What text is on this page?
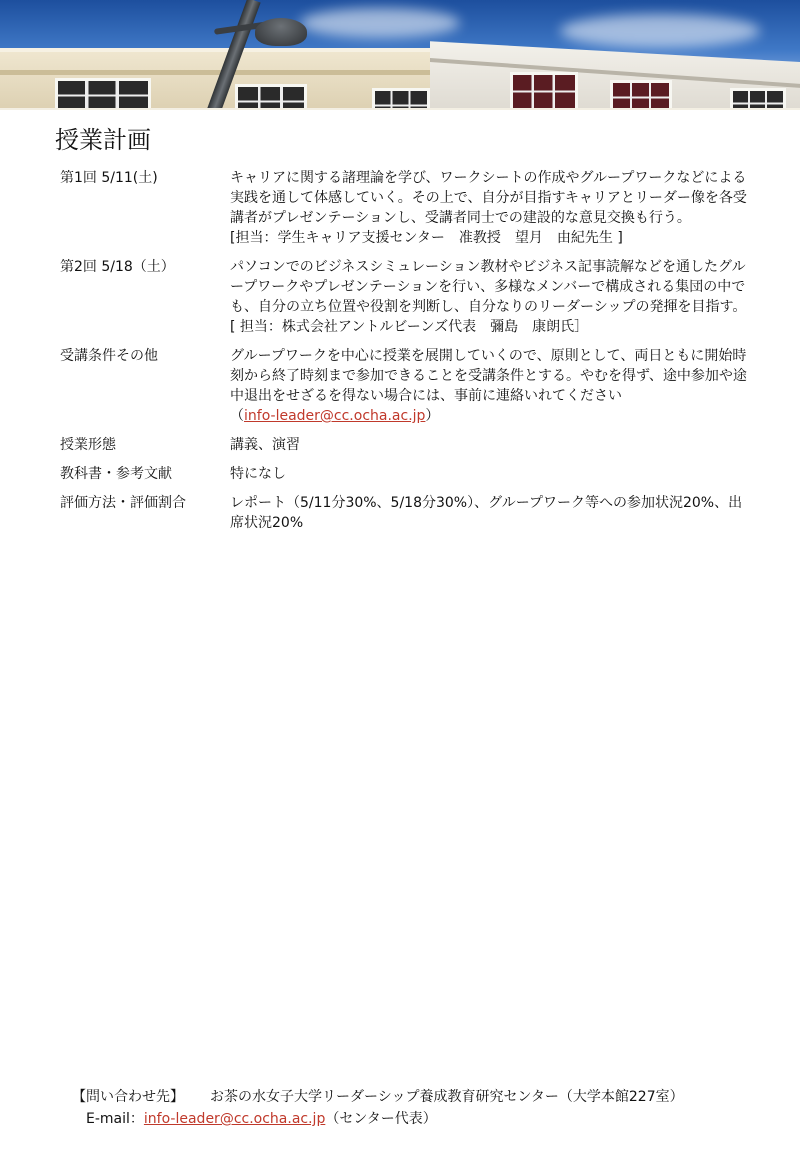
授業計画
第1回 5/11(土)	キャリアに関する諸理論を学び、ワークシートの作成やグループワークなどによる実践を通して体感していく。その上で、自分が目指すキャリアとリーダー像を各受講者がプレゼンテーションし、受講者同士での建設的な意見交換も行う。
[担当：学生キャリア支援センター　准教授　望月　由紀先生 ]
第2回 5/18（土）	パソコンでのビジネスシミュレーション教材やビジネス記事読解などを通したグループワークやプレゼンテーションを行い、多様なメンバーで構成される集団の中でも、自分の立ち位置や役割を判断し、自分なりのリーダーシップの発揮を目指す。
[ 担当：株式会社アントルビーンズ代表　彌島　康朗氏］
受講条件その他	グループワークを中心に授業を展開していくので、原則として、両日ともに開始時刻から終了時刻まで参加できることを受講条件とする。やむを得ず、途中参加や途中退出をせざるを得ない場合には、事前に連絡いれてください
（info-leader@cc.ocha.ac.jp）
授業形態	講義、演習
教科書・参考文献	特になし
評価方法・評価割合	レポート（5/11分30%、5/18分30%）、グループワーク等への参加状況20%、出席状況20%
【問い合わせ先】 お茶の水女子大学リーダーシップ養成教育研究センター（大学本館227室）
E-mail：info-leader@cc.ocha.ac.jp（センター代表）
